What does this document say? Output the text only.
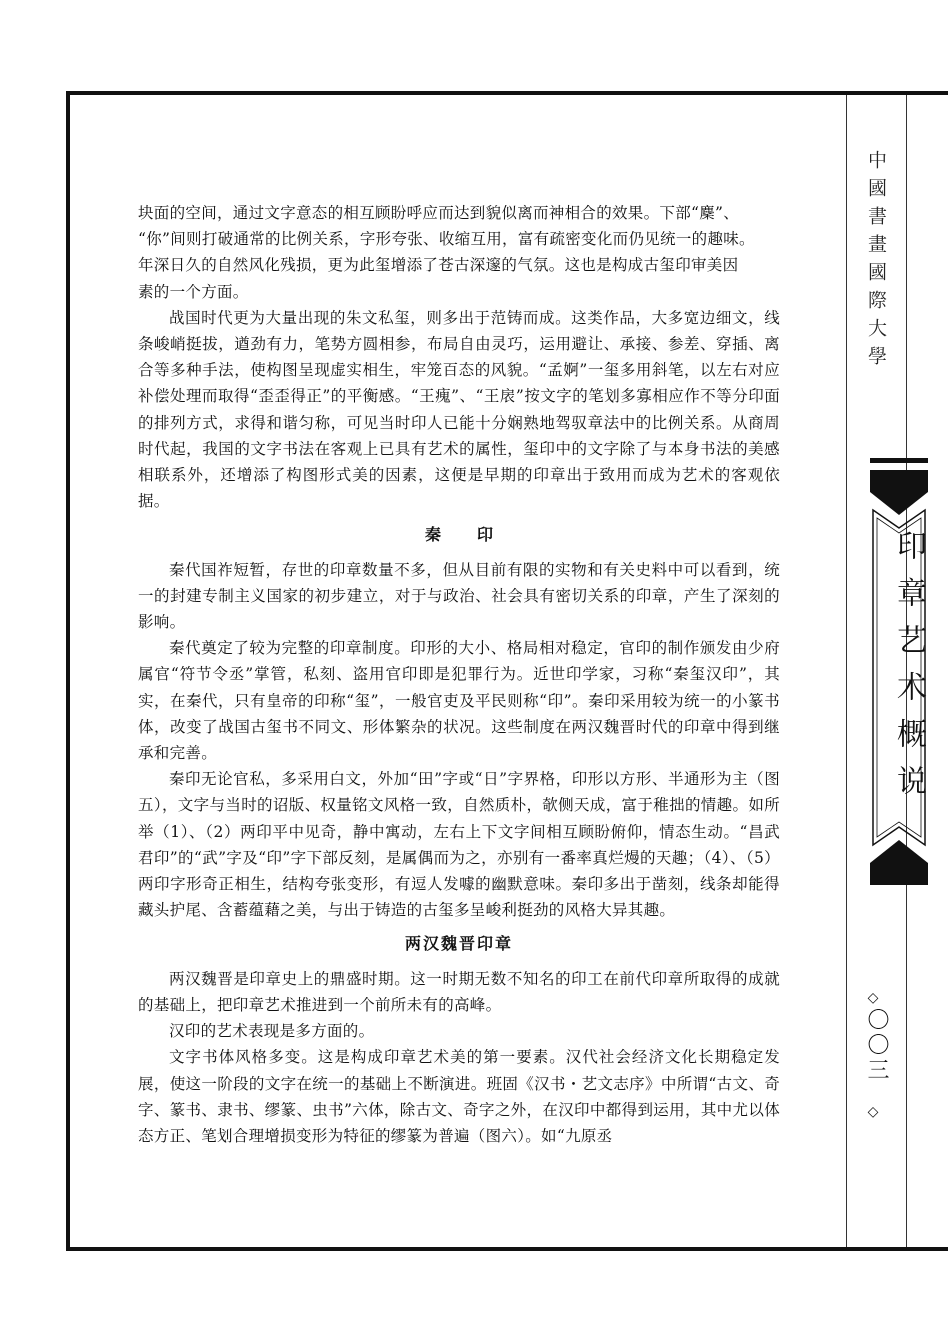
块面的空间，通过文字意态的相互顾盼呼应而达到貌似离而神相合的效果。下部“麇”、

“你”间则打破通常的比例关系，字形夸张、收缩互用，富有疏密变化而仍见统一的趣味。

年深日久的自然风化残损，更为此玺增添了苍古深邃的气氛。这也是构成古玺印审美因

素的一个方面。

战国时代更为大量出现的朱文私玺，则多出于范铸而成。这类作品，大多宽边细文，线条峻峭挺拔，遒劲有力，笔势方圆相参，布局自由灵巧，运用避让、承接、参差、穿插、离合等多种手法，使构图呈现虚实相生，牢笼百态的风貌。“孟婀”一玺多用斜笔，以左右对应补偿处理而取得“歪歪得正”的平衡感。“王瘣”、“王扆”按文字的笔划多寡相应作不等分印面的排列方式，求得和谐匀称，可见当时印人已能十分娴熟地驾驭章法中的比例关系。从商周时代起，我国的文字书法在客观上已具有艺术的属性，玺印中的文字除了与本身书法的美感相联系外，还增添了构图形式美的因素，这便是早期的印章出于致用而成为艺术的客观依据。

秦印

秦代国祚短暂，存世的印章数量不多，但从目前有限的实物和有关史料中可以看到，统一的封建专制主义国家的初步建立，对于与政治、社会具有密切关系的印章，产生了深刻的影响。

秦代奠定了较为完整的印章制度。印形的大小、格局相对稳定，官印的制作颁发由少府属官“符节令丞”掌管，私刻、盗用官印即是犯罪行为。近世印学家，习称“秦玺汉印”，其实，在秦代，只有皇帝的印称“玺”，一般官吏及平民则称“印”。秦印采用较为统一的小篆书体，改变了战国古玺书不同文、形体繁杂的状况。这些制度在两汉魏晋时代的印章中得到继承和完善。

秦印无论官私，多采用白文，外加“田”字或“日”字界格，印形以方形、半通形为主（图五），文字与当时的诏版、权量铭文风格一致，自然质朴，欹侧天成，富于稚拙的情趣。如所举（1）、（2）两印平中见奇，静中寓动，左右上下文字间相互顾盼俯仰，情态生动。“昌武君印”的“武”字及“印”字下部反刻，是属偶而为之，亦别有一番率真烂熳的天趣；（4）、（5）两印字形奇正相生，结构夸张变形，有逗人发噱的幽默意味。秦印多出于凿刻，线条却能得藏头护尾、含蓄蕴藉之美，与出于铸造的古玺多呈峻利挺劲的风格大异其趣。

两汉魏晋印章

两汉魏晋是印章史上的鼎盛时期。这一时期无数不知名的印工在前代印章所取得的成就的基础上，把印章艺术推进到一个前所未有的高峰。

汉印的艺术表现是多方面的。

文字书体风格多变。这是构成印章艺术美的第一要素。汉代社会经济文化长期稳定发展，使这一阶段的文字在统一的基础上不断演进。班固《汉书・艺文志序》中所谓“古文、奇字、篆书、隶书、缪篆、虫书”六体，除古文、奇字之外，在汉印中都得到运用，其中尤以体态方正、笔划合理增损变形为特征的缪篆为普遍（图六）。如“九原丞

中國書畫國際大學
印章艺术概说
◇
〇〇三
◇
